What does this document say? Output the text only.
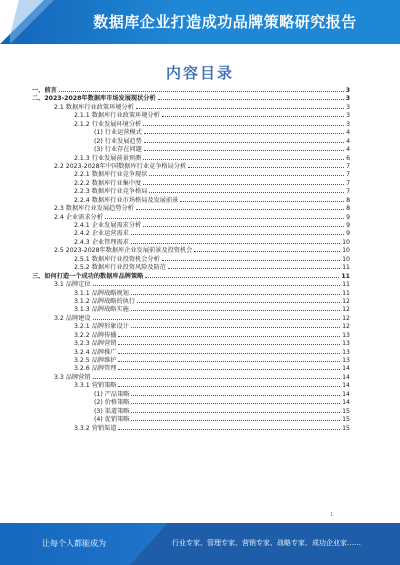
数据库企业打造成功品牌策略研究报告
内容目录
一、前言	3
二、2023-2028年数据库市场发展现状分析	3
2.1 数据库行业政策环境分析	3
2.1.1 数据库行业政策环境分析	3
2.1.2 行业发展环境分析	3
(1) 行业运营模式	4
(2) 行业发展趋势	4
(3) 行业存在问题	4
2.1.3 行业发展前景预测	6
2.2 2023-2028年中国数据库行业竞争格局分析	7
2.2.1 数据库行业竞争现状	7
2.2.2 数据库行业集中度	7
2.2.3 数据库行业竞争格局	7
2.2.4 数据库行业市场格局及发展前景	8
2.3 数据库行业发展趋势分析	8
2.4 企业需求分析	9
2.4.1 企业发展需求分析	9
2.4.2 企业运营需求	9
2.4.3 企业管理需求	10
2.5 2023-2028年数据库企业发展前景及投资机会	10
2.5.1 数据库行业投资机会分析	10
2.5.2 数据库行业投资风险及防范	11
三、如何打造一个成功的数据库品牌策略	11
3.1 品牌定位	11
3.1.1 品牌战略规划	11
3.1.2 品牌战略的执行	12
3.1.3 品牌战略实施	12
3.2 品牌建设	12
3.2.1 品牌形象设计	12
3.2.2 品牌传播	13
3.2.3 品牌营销	13
3.2.4 品牌推广	13
3.2.5 品牌维护	13
3.2.6 品牌管理	14
3.3 品牌营销	14
3.3.1 营销策略	14
(1) 产品策略	14
(2) 价格策略	14
(3) 渠道策略	15
(4) 促销策略	15
3.3.2 营销渠道	15
1
让每个人都能成为	行业专家、管理专家、营销专家、战略专家、成功企业家……
